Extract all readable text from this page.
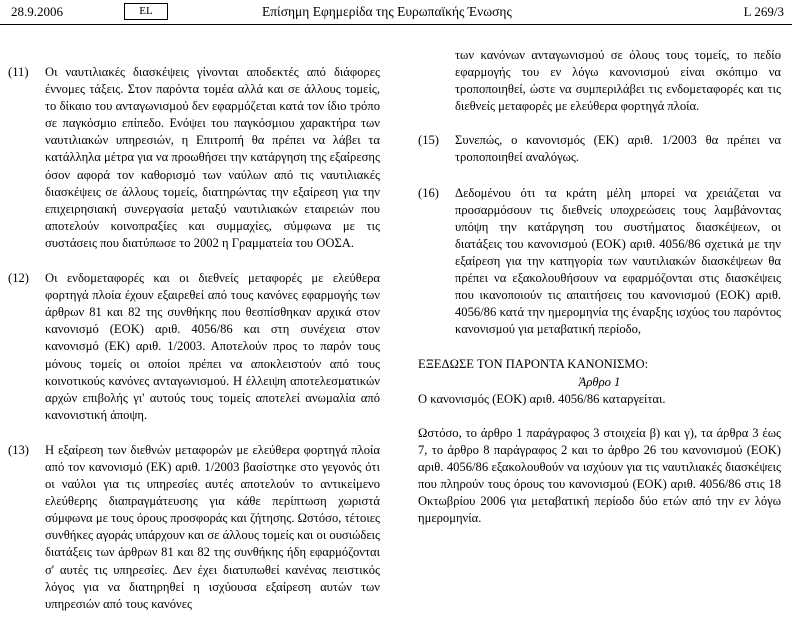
28.9.2006	EL	Επίσημη Εφημερίδα της Ευρωπαϊκής Ένωσης	L 269/3
(11)	Οι ναυτιλιακές διασκέψεις γίνονται αποδεκτές από διάφορες έννομες τάξεις. Στον παρόντα τομέα αλλά και σε άλλους τομείς, το δίκαιο του ανταγωνισμού δεν εφαρμόζεται κατά τον ίδιο τρόπο σε παγκόσμιο επίπεδο. Ενόψει του παγκόσμιου χαρακτήρα των ναυτιλιακών υπηρεσιών, η Επιτροπή θα πρέπει να λάβει τα κατάλληλα μέτρα για να προωθήσει την κατάργηση της εξαίρεσης όσον αφορά τον καθορισμό των ναύλων από τις ναυτιλιακές διασκέψεις σε άλλους τομείς, διατηρώντας την εξαίρεση για την επιχειρησιακή συνεργασία μεταξύ ναυτιλιακών εταιρειών που αποτελούν κοινοπραξίες και συμμαχίες, σύμφωνα με τις συστάσεις που διατύπωσε το 2002 η Γραμματεία του ΟΟΣΑ.

(12)	Οι ενδομεταφορές και οι διεθνείς μεταφορές με ελεύθερα φορτηγά πλοία έχουν εξαιρεθεί από τους κανόνες εφαρμογής των άρθρων 81 και 82 της συνθήκης που θεσπίσθηκαν αρχικά στον κανονισμό (ΕΟΚ) αριθ. 4056/86 και στη συνέχεια στον κανονισμό (ΕΚ) αριθ. 1/2003. Αποτελούν προς το παρόν τους μόνους τομείς οι οποίοι πρέπει να αποκλειστούν από τους κοινοτικούς κανόνες ανταγωνισμού. Η έλλειψη αποτελεσματικών αρχών επιβολής γι' αυτούς τους τομείς αποτελεί ανωμαλία από κανονιστική άποψη.

(13)	Η εξαίρεση των διεθνών μεταφορών με ελεύθερα φορτηγά πλοία από τον κανονισμό (ΕΚ) αριθ. 1/2003 βασίστηκε στο γεγονός ότι οι ναύλοι για τις υπηρεσίες αυτές αποτελούν το αντικείμενο ελεύθερης διαπραγμάτευσης για κάθε περίπτωση χωριστά σύμφωνα με τους όρους προσφοράς και ζήτησης. Ωστόσο, τέτοιες συνθήκες αγοράς υπάρχουν και σε άλλους τομείς και οι ουσιώδεις διατάξεις των άρθρων 81 και 82 της συνθήκης ήδη εφαρμόζονται σ' αυτές τις υπηρεσίες. Δεν έχει διατυπωθεί κανένας πειστικός λόγος για να διατηρηθεί η ισχύουσα εξαίρεση αυτών των υπηρεσιών από τους κανόνες

των κανόνων ανταγωνισμού σε όλους τους τομείς, το πεδίο εφαρμογής του εν λόγω κανονισμού είναι σκόπιμο να τροποποιηθεί, ώστε να συμπεριλάβει τις ενδομεταφορές και τις διεθνείς μεταφορές με ελεύθερα φορτηγά πλοία.

(15)	Συνεπώς, ο κανονισμός (ΕΚ) αριθ. 1/2003 θα πρέπει να τροποποιηθεί αναλόγως.

(16)	Δεδομένου ότι τα κράτη μέλη μπορεί να χρειάζεται να προσαρμόσουν τις διεθνείς υποχρεώσεις τους λαμβάνοντας υπόψη την κατάργηση του συστήματος διασκέψεων, οι διατάξεις του κανονισμού (ΕΟΚ) αριθ. 4056/86 σχετικά με την εξαίρεση για την κατηγορία των ναυτιλιακών διασκέψεων θα πρέπει να εξακολουθήσουν να εφαρμόζονται στις διασκέψεις που ικανοποιούν τις απαιτήσεις του κανονισμού (ΕΟΚ) αριθ. 4056/86 κατά την ημερομηνία της έναρξης ισχύος του παρόντος κανονισμού για μεταβατική περίοδο,

ΕΞΕΔΩΣΕ ΤΟΝ ΠΑΡΟΝΤΑ ΚΑΝΟΝΙΣΜΟ:

Άρθρο 1

Ο κανονισμός (ΕΟΚ) αριθ. 4056/86 καταργείται.

Ωστόσο, το άρθρο 1 παράγραφος 3 στοιχεία β) και γ), τα άρθρα 3 έως 7, το άρθρο 8 παράγραφος 2 και το άρθρο 26 του κανονισμού (ΕΟΚ) αριθ. 4056/86 εξακολουθούν να ισχύουν για τις ναυτιλιακές διασκέψεις που πληρούν τους όρους του κανονισμού (ΕΟΚ) αριθ. 4056/86 στις 18 Οκτωβρίου 2006 για μεταβατική περίοδο δύο ετών από την εν λόγω ημερομηνία.
